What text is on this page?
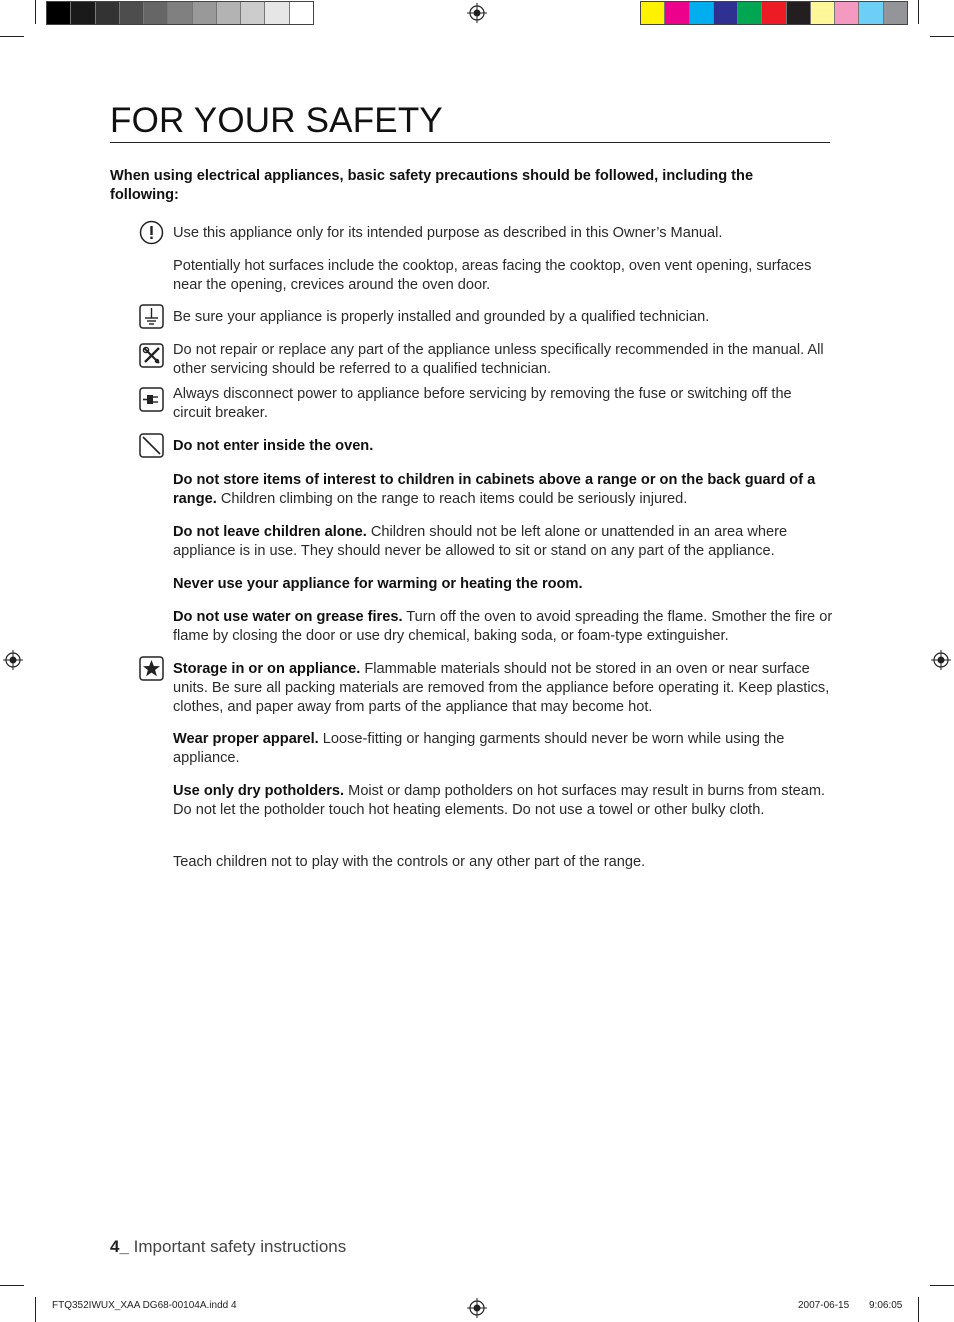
FOR YOUR SAFETY

When using electrical appliances, basic safety precautions should be followed, including the following:

Use this appliance only for its intended purpose as described in this Owner’s Manual.

Potentially hot surfaces include the cooktop, areas facing the cooktop, oven vent opening, surfaces near the opening, crevices around the oven door.

Be sure your appliance is properly installed and grounded by a qualified technician.

Do not repair or replace any part of the appliance unless specifically recommended in the manual. All other servicing should be referred to a qualified technician.

Always disconnect power to appliance before servicing by removing the fuse or switching off the circuit breaker.

Do not enter inside the oven.

Do not store items of interest to children in cabinets above a range or on the back guard of a range. Children climbing on the range to reach items could be seriously injured.

Do not leave children alone. Children should not be left alone or unattended in an area where appliance is in use. They should never be allowed to sit or stand on any part of the appliance.

Never use your appliance for warming or heating the room.

Do not use water on grease fires. Turn off the oven to avoid spreading the flame. Smother the fire or flame by closing the door or use dry chemical, baking soda, or foam-type extinguisher.

Storage in or on appliance. Flammable materials should not be stored in an oven or near surface units. Be sure all packing materials are removed from the appliance before operating it. Keep plastics, clothes, and paper away from parts of the appliance that may become hot.

Wear proper apparel. Loose-fitting or hanging garments should never be worn while using the appliance.

Use only dry potholders. Moist or damp potholders on hot surfaces may result in burns from steam. Do not let the potholder touch hot heating elements. Do not use a towel or other bulky cloth.

Teach children not to play with the controls or any other part of the range.

4_ Important safety instructions
FTQ352IWUX_XAA DG68-00104A.indd 4	2007-06-15 9:06:05
